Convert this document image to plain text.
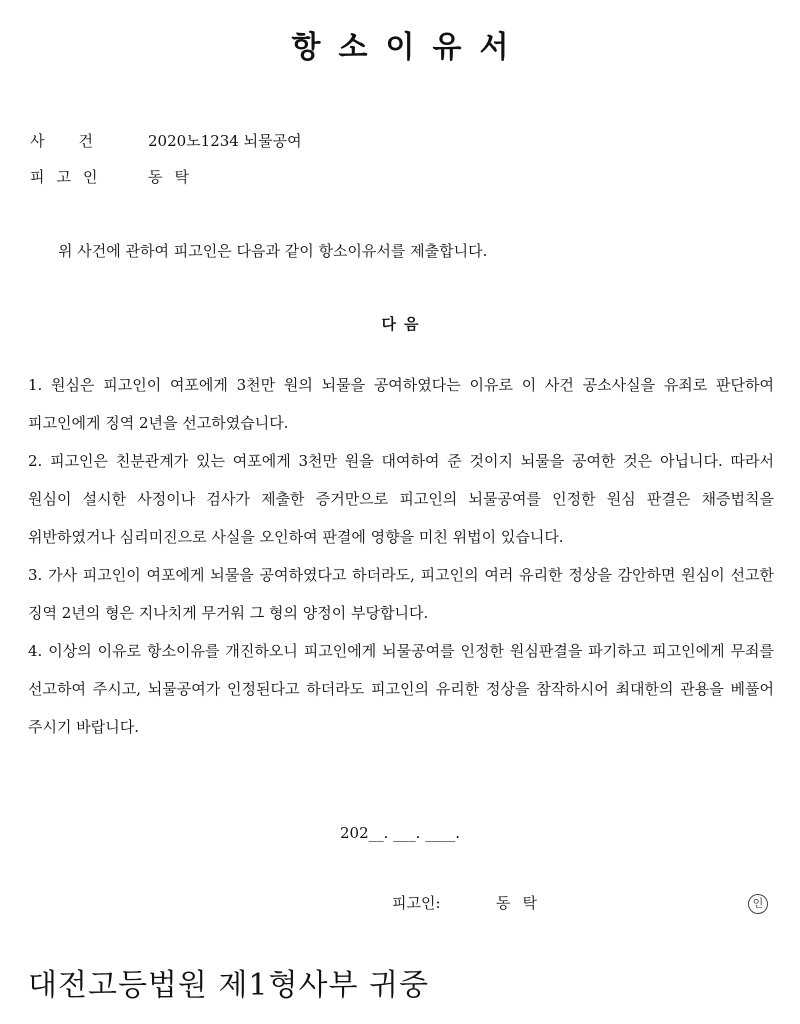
항소이유서
사건 2020노1234 뇌물공여
피고인	동탁
위 사건에 관하여 피고인은 다음과 같이 항소이유서를 제출합니다.
다음

1. 원심은 피고인이 여포에게 3천만 원의 뇌물을 공여하였다는 이유로 이 사건 공소사실을 유죄로 판단하여 피고인에게 징역 2년을 선고하였습니다.

2. 피고인은 친분관계가 있는 여포에게 3천만 원을 대여하여 준 것이지 뇌물을 공여한 것은 아닙니다. 따라서 원심이 설시한 사정이나 검사가 제출한 증거만으로 피고인의 뇌물공여를 인정한 원심 판결은 채증법칙을 위반하였거나 심리미진으로 사실을 오인하여 판결에 영향을 미친 위법이 있습니다.

3. 가사 피고인이 여포에게 뇌물을 공여하였다고 하더라도, 피고인의 여러 유리한 정상을 감안하면 원심이 선고한 징역 2년의 형은 지나치게 무거워 그 형의 양정이 부당합니다.

4. 이상의 이유로 항소이유를 개진하오니 피고인에게 뇌물공여를 인정한 원심판결을 파기하고 피고인에게 무죄를 선고하여 주시고, 뇌물공여가 인정된다고 하더라도 피고인의 유리한 정상을 참작하시어 최대한의 관용을 베풀어 주시기 바랍니다.

202__. ___. ____.
피고인:	동탁	인
대전고등법원 제1형사부 귀중
